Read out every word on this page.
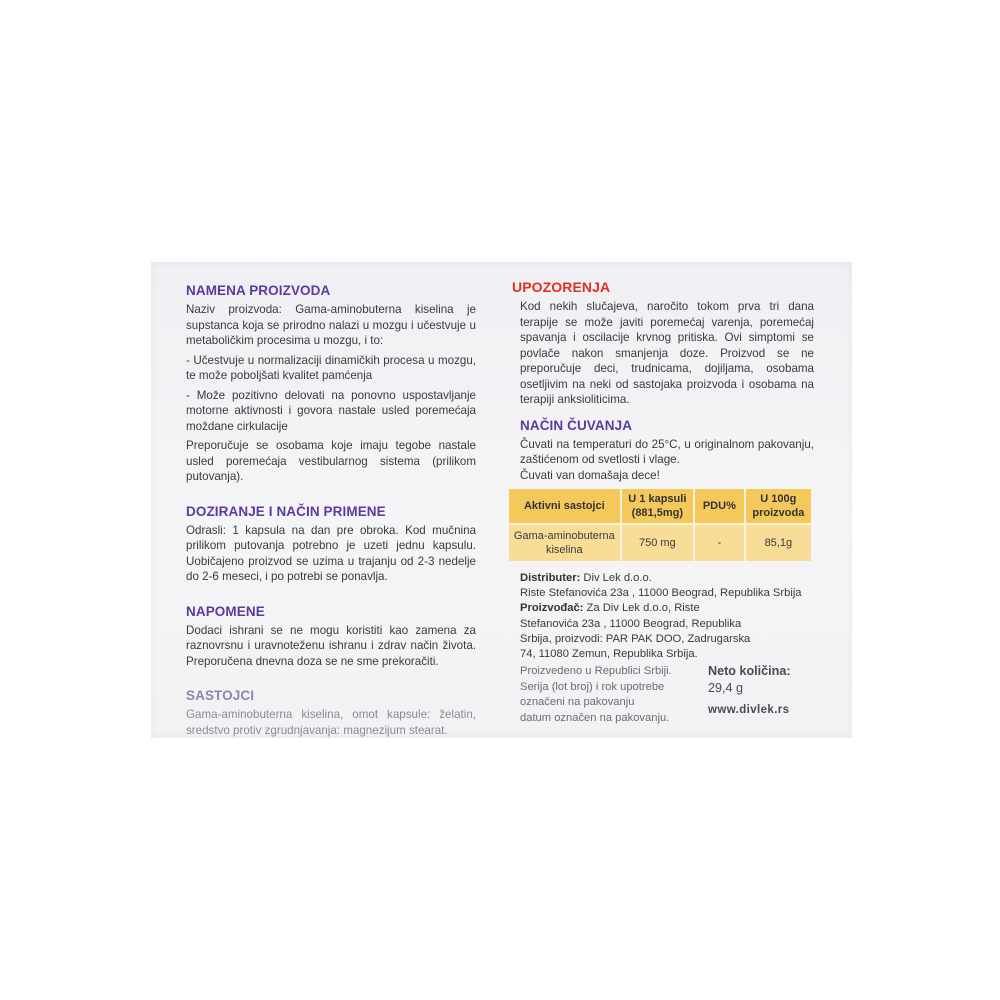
NAMENA PROIZVODA

Naziv proizvoda: Gama-aminobuterna kiselina je supstanca koja se prirodno nalazi u mozgu i učestvuje u metaboličkim procesima u mozgu, i to:

- Učestvuje u normalizaciji dinamičkih procesa u mozgu, te može poboljšati kvalitet pamćenja

- Može pozitivno delovati na ponovno uspostavljanje motorne aktivnosti i govora nastale usled poremećaja moždane cirkulacije

Preporučuje se osobama koje imaju tegobe nastale usled poremećaja vestibularnog sistema (prilikom putovanja).

DOZIRANJE I NAČIN PRIMENE

Odrasli: 1 kapsula na dan pre obroka. Kod mučnina prilikom putovanja potrebno je uzeti jednu kapsulu. Uobičajeno proizvod se uzima u trajanju od 2-3 nedelje do 2-6 meseci, i po potrebi se ponavlja.

NAPOMENE

Dodaci ishrani se ne mogu koristiti kao zamena za raznovrsnu i uravnoteženu ishranu i zdrav način života. Preporučena dnevna doza se ne sme prekoračiti.

SASTOJCI

Gama-aminobuterna kiselina, omot kapsule: želatin, sredstvo protiv zgrudnjavanja: magnezijum stearat.

UPOZORENJA

Kod nekih slučajeva, naročito tokom prva tri dana terapije se može javiti poremećaj varenja, poremećaj spavanja i oscilacije krvnog pritiska. Ovi simptomi se povlače nakon smanjenja doze. Proizvod se ne preporučuje deci, trudnicama, dojiljama, osobama osetljivim na neki od sastojaka proizvoda i osobama na terapiji anksioliticima.

NAČIN ČUVANJA

Čuvati na temperaturi do 25°C, u originalnom pakovanju, zaštićenom od svetlosti i vlage.

Čuvati van domašaja dece!

Aktivni sastojci	U 1 kapsuli (881,5mg)	PDU%	U 100g proizvoda
Gama-aminobuterna kiselina	750 mg	-	85,1g
Distributer: Div Lek d.o.o.
Riste Stefanovića 23a , 11000 Beograd, Republika Srbija
Proizvođač: Za Div Lek d.o.o, Riste Stefanovića 23a , 11000 Beograd, Republika Srbija, proizvodi: PAR PAK DOO, Zadrugarska 74, 11080 Zemun, Republika Srbija.

Proizvedeno u Republici Srbiji.

Serija (lot broj) i rok upotrebe

označeni na pakovanju

datum označen na pakovanju.

Neto količina:
29,4 g
www.divlek.rs
